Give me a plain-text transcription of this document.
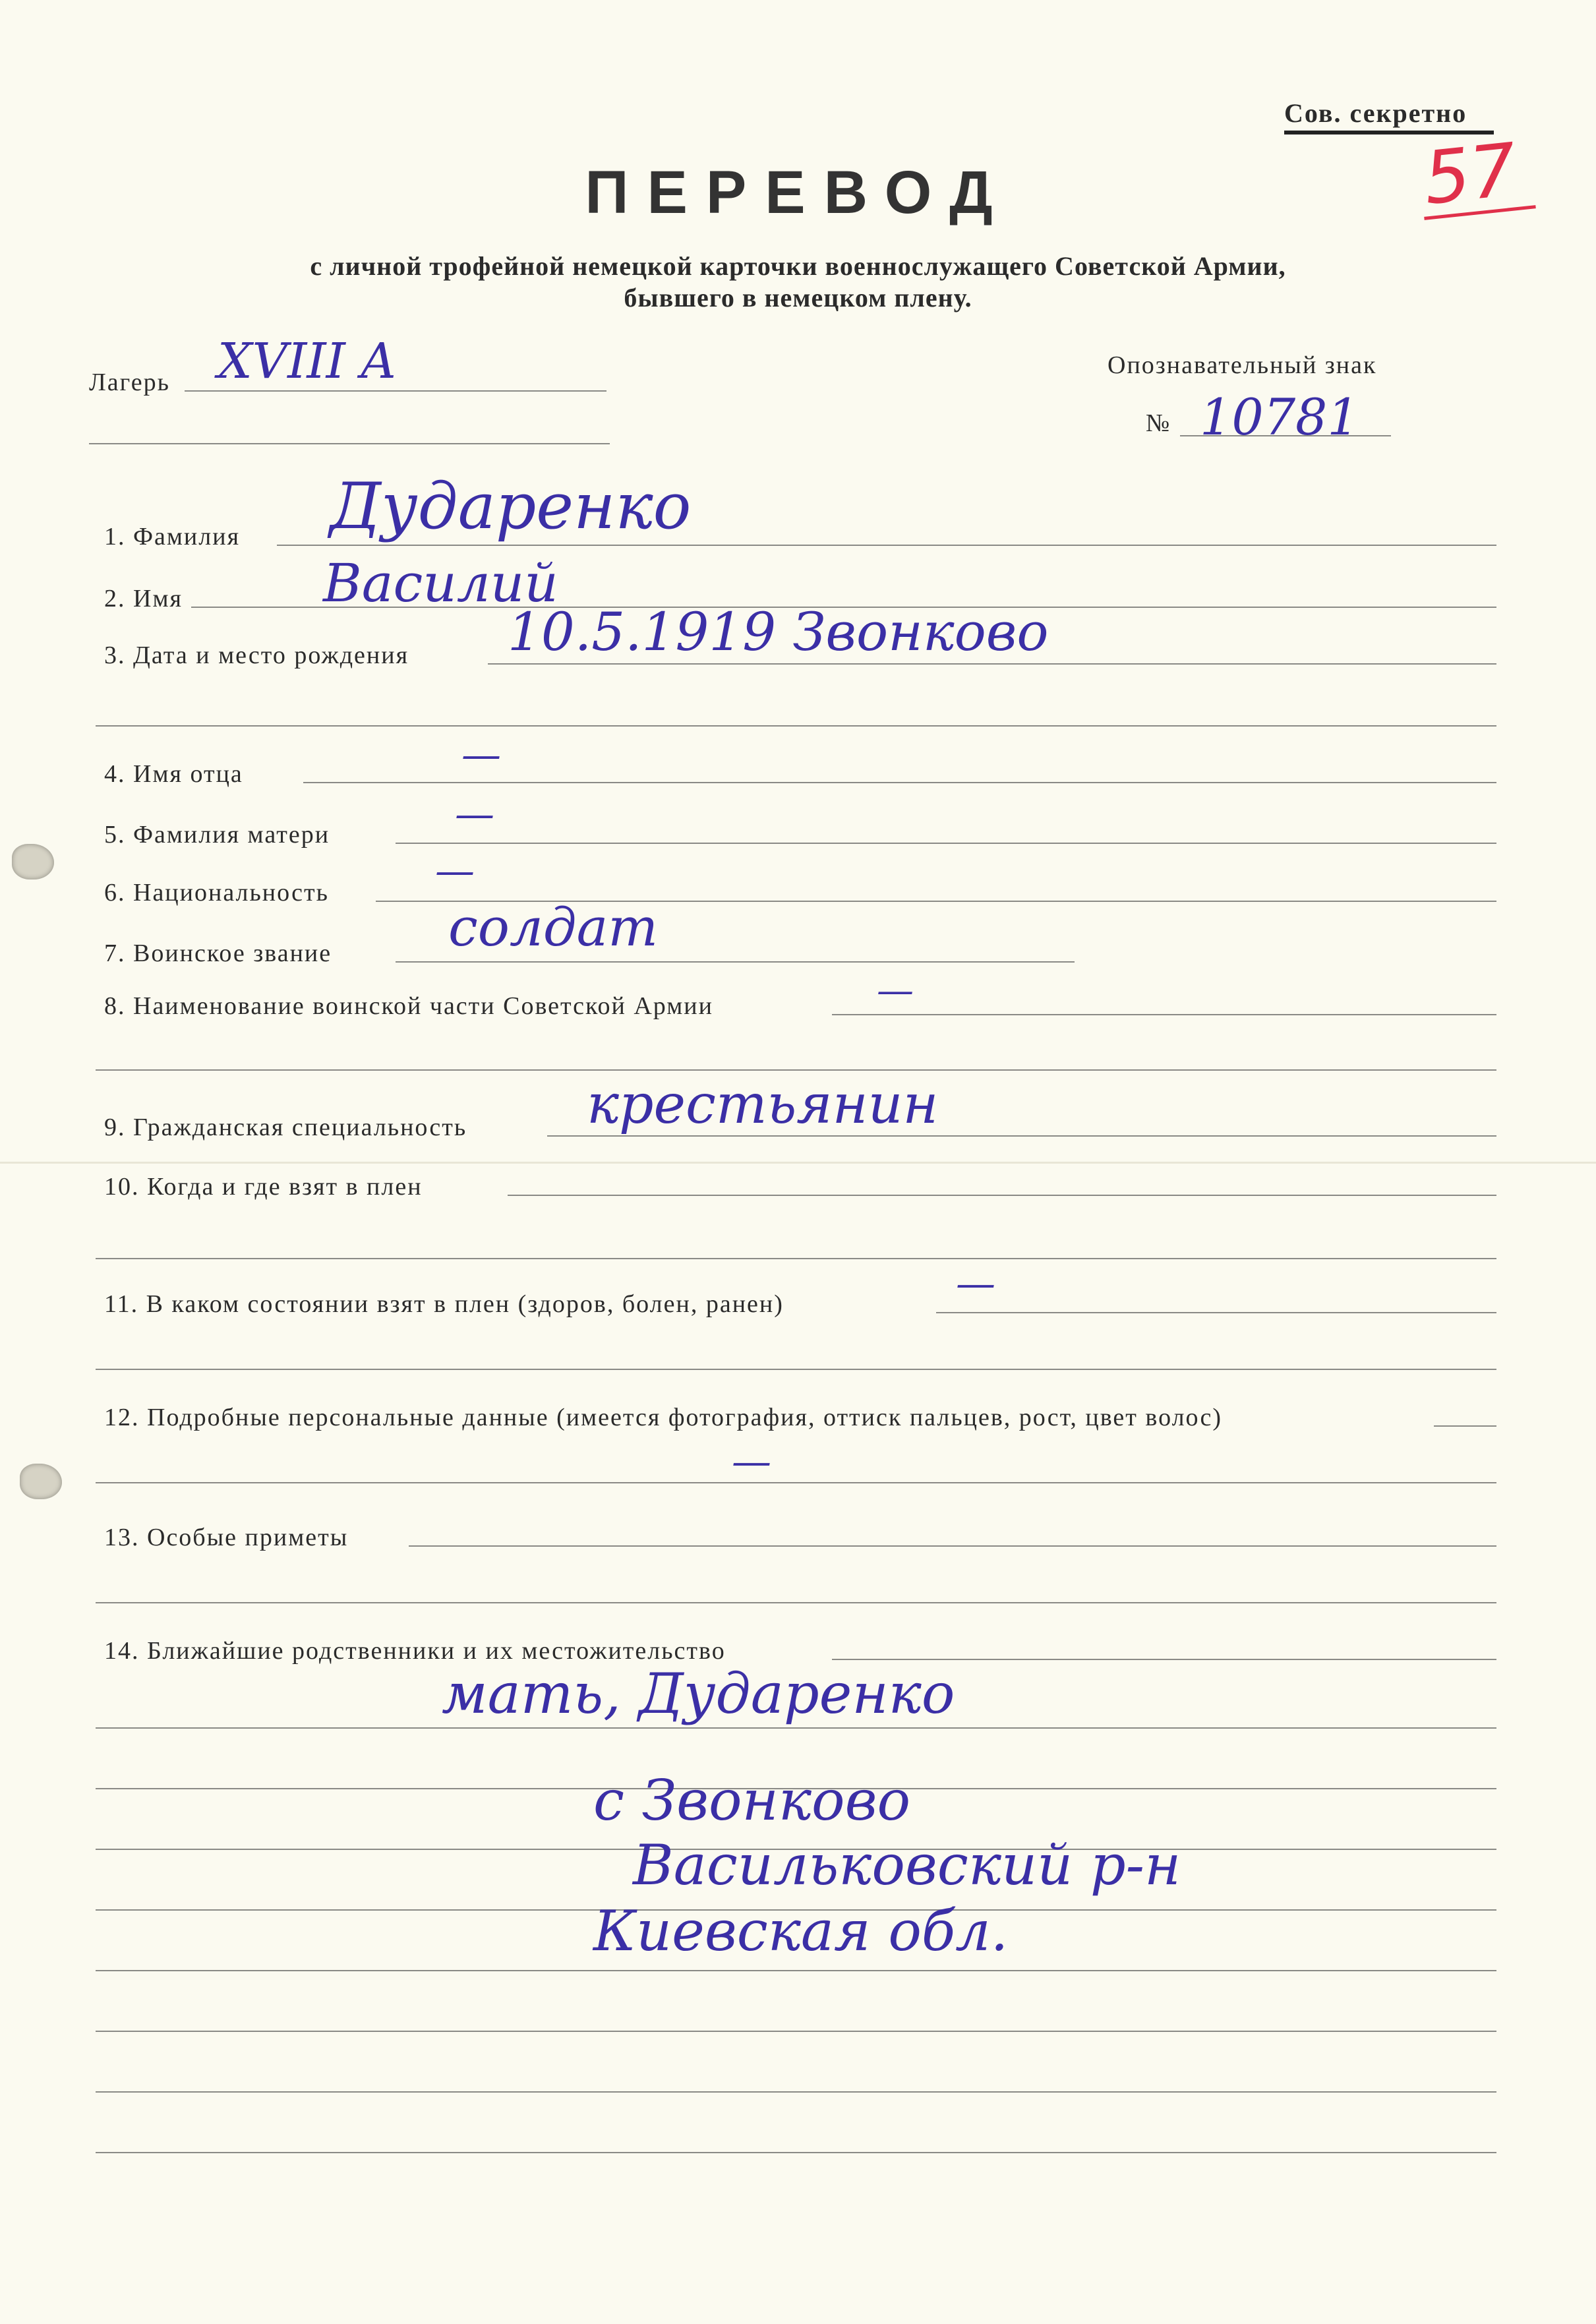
Сов. секретно
57
ПЕРЕВОД
с личной трофейной немецкой карточки военнослужащего Советской Армии,
бывшего в немецком плену.
Лагерь XVIII A	Опознавательный знак
№ 10781
1. Фамилия Дударенко
2. Имя	Василий
3. Дата и место рождения 10.5.1919 Звонково
4. Имя отца	—
5. Фамилия матери	—
6. Национальность	—
7. Воинское звание солдат
8. Наименование воинской части Советской Армии	—
9. Гражданская специальность крестьянин
10. Когда и где взят в плен
11. В каком состоянии взят в плен (здоров, болен, ранен)	—
12. Подробные персональные данные (имеется фотография, оттиск пальцев, рост, цвет волос)
—
13. Особые приметы
14. Ближайшие родственники и их местожительство
мать, Дударенко
с Звонково
Васильковский р-н
Киевская обл.
